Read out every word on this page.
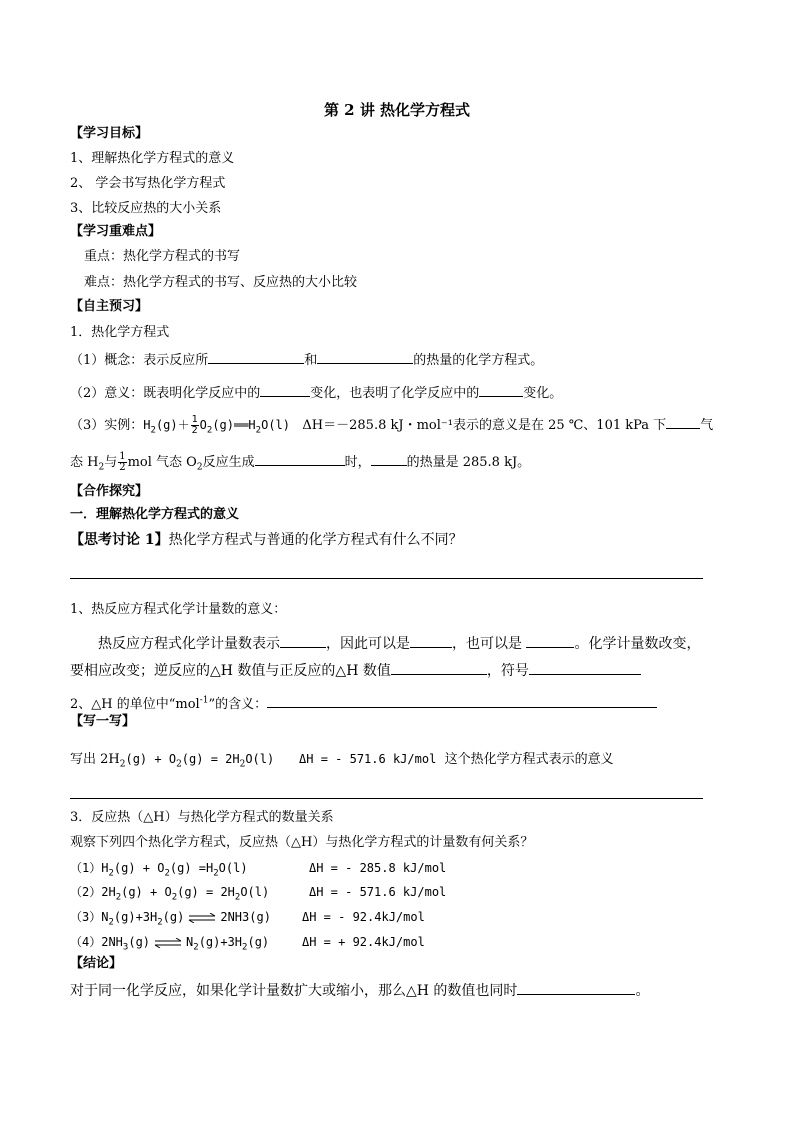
第 2 讲 热化学方程式
【学习目标】
1、理解热化学方程式的意义
2、 学会书写热化学方程式
3、比较反应热的大小关系
【学习重难点】
重点：热化学方程式的书写
难点：热化学方程式的书写、反应热的大小比较
【自主预习】
1．热化学方程式
（1）概念：表示反应所	和	的热量的化学方程式。
（2）意义：既表明化学反应中的	变化，也表明了化学反应中的	变化。
（3）实例：$H_2(g)+ \frac{1}{2}$ $O_2(g)══H_2O(l)$ ΔH＝－285.8 kJ・mol⁻¹表示的意义是在 25 ℃、101 kPa 下	气
态 $H_2$与 $\frac{1}{2}$ mol 气态 $O_2$反应生成	时，	的热量是 285.8 kJ。
【合作探究】
一．理解热化学方程式的意义
【思考讨论 1】热化学方程式与普通的化学方程式有什么不同？
1、热反应方程式化学计量数的意义：
热反应方程式化学计量数表示	，因此可以是	，也可以是	。化学计量数改变，
要相应改变；逆反应的△H 数值与正反应的△H 数值	，符号
2、△H 的单位中“mol$^{-1}$”的含义：
【写一写】
写出 $2H_2(g) + O_2(g) = 2H_2O(l) \Delta H$ = - 571.6 kJ/mol 这个热化学方程式表示的意义
3．反应热（△H）与热化学方程式的数量关系
观察下列四个热化学方程式，反应热（△H）与热化学方程式的计量数有何关系？
$(1)H_2(g) + O_2(g) =H_2O(l)$	ΔH = - 285.8 kJ/mol
$(2)2H_2(g) + O_2(g) = 2H_2O(l)$	ΔH = - 571.6 kJ/mol
$(3)N_2(g)+3H_2(g)$ ⇌ 2NH3(g)	ΔH = - 92.4kJ/mol
$(4)2NH_3(g)$ ⇌ $N_2(g)+3H_2(g)$	ΔH = + 92.4kJ/mol
【结论】
对于同一化学反应，如果化学计量数扩大或缩小，那么△H 的数值也同时	。
